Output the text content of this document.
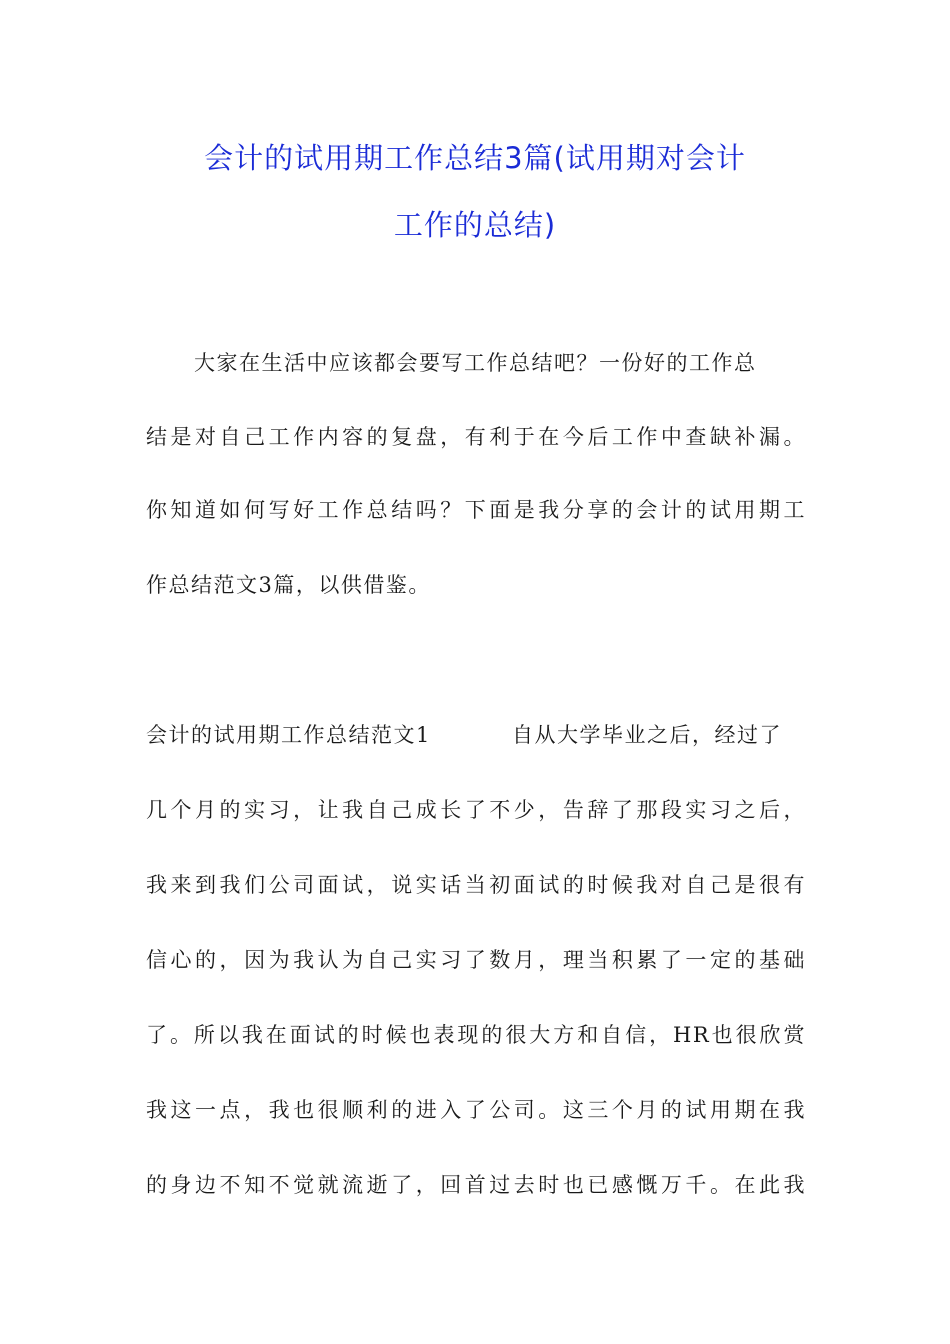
会计的试用期工作总结3篇(试用期对会计
工作的总结)
大家在生活中应该都会要写工作总结吧？一份好的工作总
结是对自己工作内容的复盘，有利于在今后工作中查缺补漏。
你知道如何写好工作总结吗？下面是我分享的会计的试用期工
作总结范文3篇，以供借鉴。
会计的试用期工作总结范文1	自从大学毕业之后，经过了
几个月的实习，让我自己成长了不少，告辞了那段实习之后，
我来到我们公司面试，说实话当初面试的时候我对自己是很有
信心的，因为我认为自己实习了数月，理当积累了一定的基础
了。所以我在面试的时候也表现的很大方和自信，HR也很欣赏
我这一点，我也很顺利的进入了公司。这三个月的试用期在我
的身边不知不觉就流逝了，回首过去时也已感慨万千。在此我
